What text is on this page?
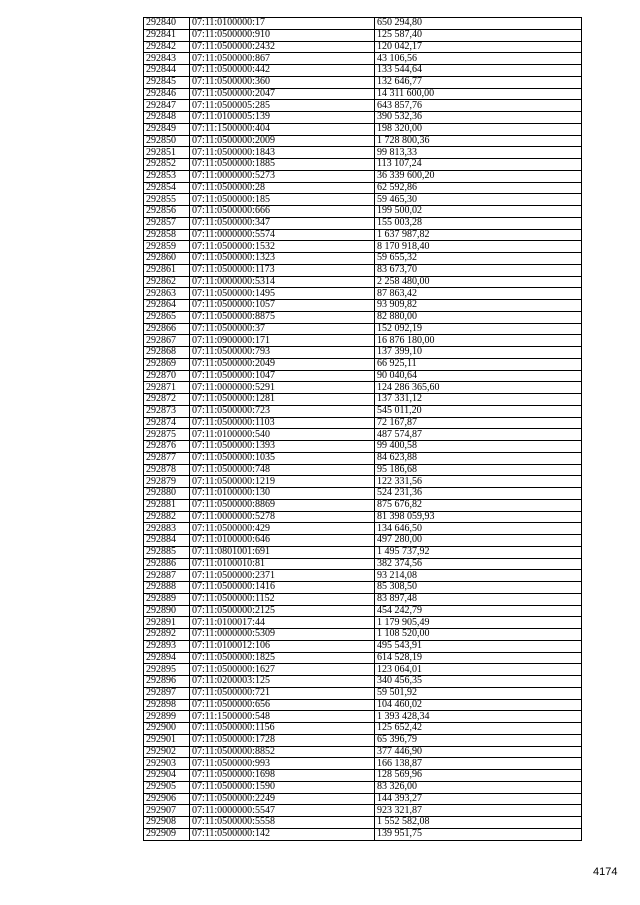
292840	07:11:0100000:17	650 294,80
292841	07:11:0500000:910	125 587,40
292842	07:11:0500000:2432	120 042,17
292843	07:11:0500000:867	43 106,56
292844	07:11:0500000:442	133 544,64
292845	07:11:0500000:360	132 646,77
292846	07:11:0500000:2047	14 311 600,00
292847	07:11:0500005:285	643 857,76
292848	07:11:0100005:139	390 532,36
292849	07:11:1500000:404	198 320,00
292850	07:11:0500000:2009	1 728 800,36
292851	07:11:0500000:1843	99 813,33
292852	07:11:0500000:1885	113 107,24
292853	07:11:0000000:5273	36 339 600,20
292854	07:11:0500000:28	62 592,86
292855	07:11:0500000:185	59 465,30
292856	07:11:0500000:666	199 500,02
292857	07:11:0500000:347	155 003,28
292858	07:11:0000000:5574	1 637 987,82
292859	07:11:0500000:1532	8 170 918,40
292860	07:11:0500000:1323	59 655,32
292861	07:11:0500000:1173	83 673,70
292862	07:11:0000000:5314	2 258 480,00
292863	07:11:0500000:1495	87 863,42
292864	07:11:0500000:1057	93 909,82
292865	07:11:0500000:8875	82 880,00
292866	07:11:0500000:37	152 092,19
292867	07:11:0900000:171	16 876 180,00
292868	07:11:0500000:793	137 399,10
292869	07:11:0500000:2049	66 925,11
292870	07:11:0500000:1047	90 040,64
292871	07:11:0000000:5291	124 286 365,60
292872	07:11:0500000:1281	137 331,12
292873	07:11:0500000:723	545 011,20
292874	07:11:0500000:1103	72 167,87
292875	07:11:0100000:540	487 574,87
292876	07:11:0500000:1393	99 400,58
292877	07:11:0500000:1035	84 623,88
292878	07:11:0500000:748	95 186,68
292879	07:11:0500000:1219	122 331,56
292880	07:11:0100000:130	524 231,36
292881	07:11:0500000:8869	875 676,82
292882	07:11:0000000:5278	81 398 059,93
292883	07:11:0500000:429	134 646,50
292884	07:11:0100000:646	497 280,00
292885	07:11:0801001:691	1 495 737,92
292886	07:11:0100010:81	382 374,56
292887	07:11:0500000:2371	93 214,08
292888	07:11:0500000:1416	85 308,50
292889	07:11:0500000:1152	83 897,48
292890	07:11:0500000:2125	454 242,79
292891	07:11:0100017:44	1 179 905,49
292892	07:11:0000000:5309	1 108 520,00
292893	07:11:0100012:106	495 543,91
292894	07:11:0500000:1825	614 528,19
292895	07:11:0500000:1627	123 064,01
292896	07:11:0200003:125	340 456,35
292897	07:11:0500000:721	59 501,92
292898	07:11:0500000:656	104 460,02
292899	07:11:1500000:548	1 393 428,34
292900	07:11:0500000:1156	125 652,42
292901	07:11:0500000:1728	65 396,79
292902	07:11:0500000:8852	377 446,90
292903	07:11:0500000:993	166 138,87
292904	07:11:0500000:1698	128 569,96
292905	07:11:0500000:1590	83 326,00
292906	07:11:0500000:2249	144 393,27
292907	07:11:0000000:5547	923 321,87
292908	07:11:0500000:5558	1 552 582,08
292909	07:11:0500000:142	139 951,75
4174
